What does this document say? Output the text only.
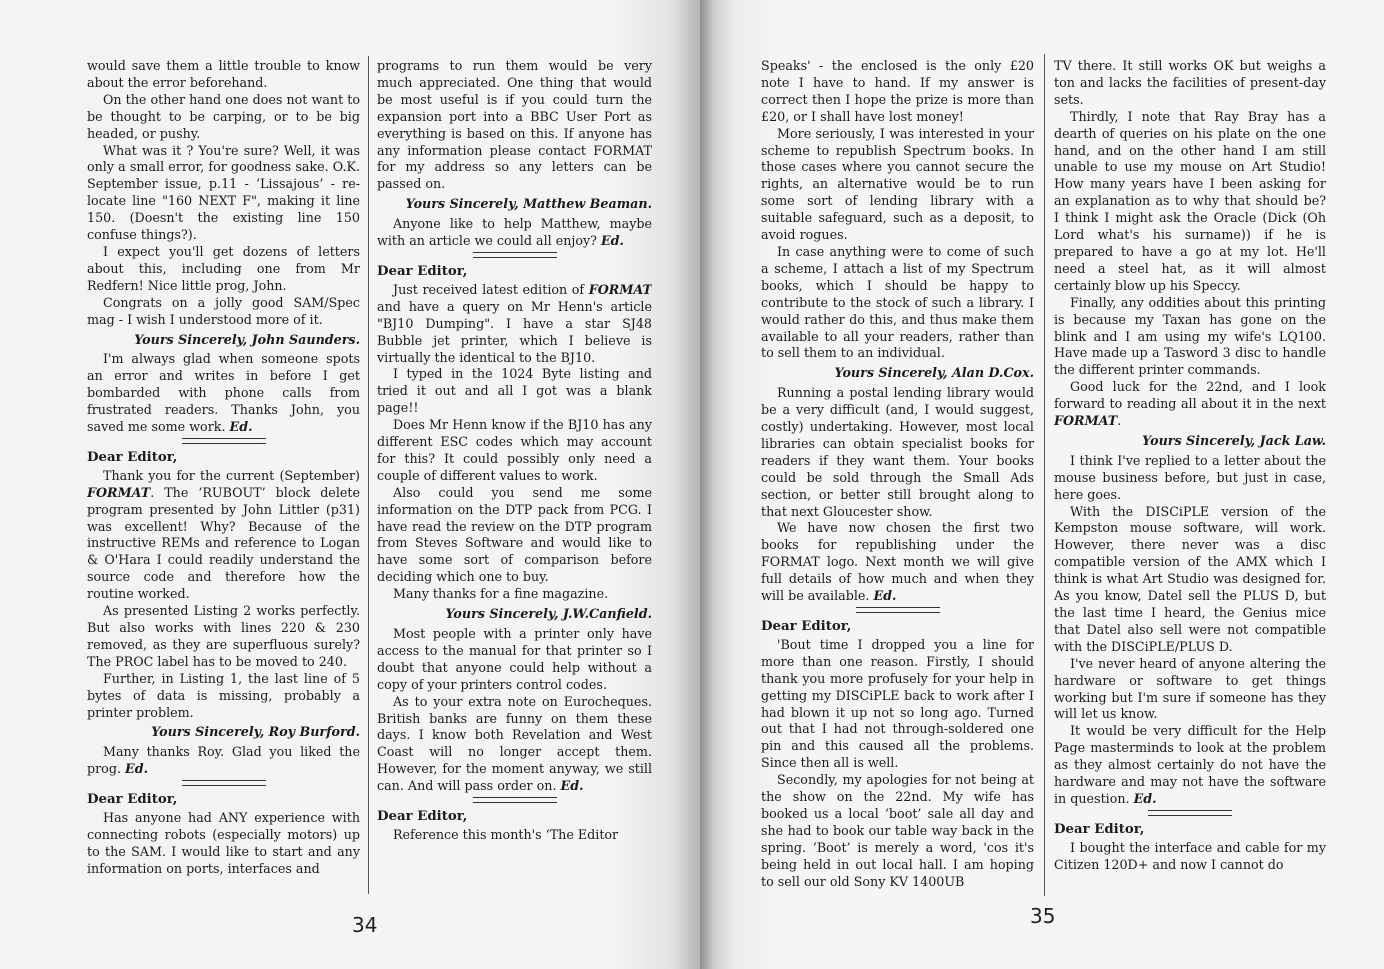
would save them a little trouble to know about the error beforehand.

On the other hand one does not want to be thought to be carping, or to be big headed, or pushy.

What was it ? You're sure? Well, it was only a small error, for goodness sake. O.K. September issue, p.11 - ‘Lissajous’ - re-locate line "160 NEXT F", making it line 150. (Doesn't the existing line 150 confuse things?).

I expect you'll get dozens of letters about this, including one from Mr Redfern! Nice little prog, John.

Congrats on a jolly good SAM/Spec mag - I wish I understood more of it.

Yours Sincerely, John Saunders.

I'm always glad when someone spots an error and writes in before I get bombarded with phone calls from frustrated readers. Thanks John, you saved me some work. Ed.

Dear Editor,

Thank you for the current (September) FORMAT. The ‘RUBOUT’ block delete program presented by John Littler (p31) was excellent! Why? Because of the instructive REMs and reference to Logan & O'Hara I could readily understand the source code and therefore how the routine worked.

As presented Listing 2 works perfectly. But also works with lines 220 & 230 removed, as they are superfluous surely? The PROC label has to be moved to 240.

Further, in Listing 1, the last line of 5 bytes of data is missing, probably a printer problem.

Yours Sincerely, Roy Burford.

Many thanks Roy. Glad you liked the prog. Ed.

Dear Editor,

Has anyone had ANY experience with connecting robots (especially motors) up to the SAM. I would like to start and any information on ports, interfaces and

programs to run them would be very much appreciated. One thing that would be most useful is if you could turn the expansion port into a BBC User Port as everything is based on this. If anyone has any information please contact FORMAT for my address so any letters can be passed on.

Yours Sincerely, Matthew Beaman.

Anyone like to help Matthew, maybe with an article we could all enjoy? Ed.

Dear Editor,

Just received latest edition of FORMAT and have a query on Mr Henn's article "BJ10 Dumping". I have a star SJ48 Bubble jet printer, which I believe is virtually the identical to the BJ10.

I typed in the 1024 Byte listing and tried it out and all I got was a blank page!!

Does Mr Henn know if the BJ10 has any different ESC codes which may account for this? It could possibly only need a couple of different values to work.

Also could you send me some information on the DTP pack from PCG. I have read the review on the DTP program from Steves Software and would like to have some sort of comparison before deciding which one to buy.

Many thanks for a fine magazine.

Yours Sincerely, J.W.Canfield.

Most people with a printer only have access to the manual for that printer so I doubt that anyone could help without a copy of your printers control codes.

As to your extra note on Eurocheques. British banks are funny on them these days. I know both Revelation and West Coast will no longer accept them. However, for the moment anyway, we still can. And will pass order on. Ed.

Dear Editor,

Reference this month's ‘The Editor

34

Speaks' - the enclosed is the only £20 note I have to hand. If my answer is correct then I hope the prize is more than £20, or I shall have lost money!

More seriously, I was interested in your scheme to republish Spectrum books. In those cases where you cannot secure the rights, an alternative would be to run some sort of lending library with a suitable safeguard, such as a deposit, to avoid rogues.

In case anything were to come of such a scheme, I attach a list of my Spectrum books, which I should be happy to contribute to the stock of such a library. I would rather do this, and thus make them available to all your readers, rather than to sell them to an individual.

Yours Sincerely, Alan D.Cox.

Running a postal lending library would be a very difficult (and, I would suggest, costly) undertaking. However, most local libraries can obtain specialist books for readers if they want them. Your books could be sold through the Small Ads section, or better still brought along to that next Gloucester show.

We have now chosen the first two books for republishing under the FORMAT logo. Next month we will give full details of how much and when they will be available. Ed.

Dear Editor,

'Bout time I dropped you a line for more than one reason. Firstly, I should thank you more profusely for your help in getting my DISCiPLE back to work after I had blown it up not so long ago. Turned out that I had not through-soldered one pin and this caused all the problems. Since then all is well.

Secondly, my apologies for not being at the show on the 22nd. My wife has booked us a local ‘boot’ sale all day and she had to book our table way back in the spring. ‘Boot’ is merely a word, 'cos it's being held in out local hall. I am hoping to sell our old Sony KV 1400UB

TV there. It still works OK but weighs a ton and lacks the facilities of present-day sets.

Thirdly, I note that Ray Bray has a dearth of queries on his plate on the one hand, and on the other hand I am still unable to use my mouse on Art Studio! How many years have I been asking for an explanation as to why that should be? I think I might ask the Oracle (Dick (Oh Lord what's his surname)) if he is prepared to have a go at my lot. He'll need a steel hat, as it will almost certainly blow up his Speccy.

Finally, any oddities about this printing is because my Taxan has gone on the blink and I am using my wife's LQ100. Have made up a Tasword 3 disc to handle the different printer commands.

Good luck for the 22nd, and I look forward to reading all about it in the next FORMAT.

Yours Sincerely, Jack Law.

I think I've replied to a letter about the mouse business before, but just in case, here goes.

With the DISCiPLE version of the Kempston mouse software, will work. However, there never was a disc compatible version of the AMX which I think is what Art Studio was designed for. As you know, Datel sell the PLUS D, but the last time I heard, the Genius mice that Datel also sell were not compatible with the DISCiPLE/PLUS D.

I've never heard of anyone altering the hardware or software to get things working but I'm sure if someone has they will let us know.

It would be very difficult for the Help Page masterminds to look at the problem as they almost certainly do not have the hardware and may not have the software in question. Ed.

Dear Editor,

I bought the interface and cable for my Citizen 120D+ and now I cannot do

35
